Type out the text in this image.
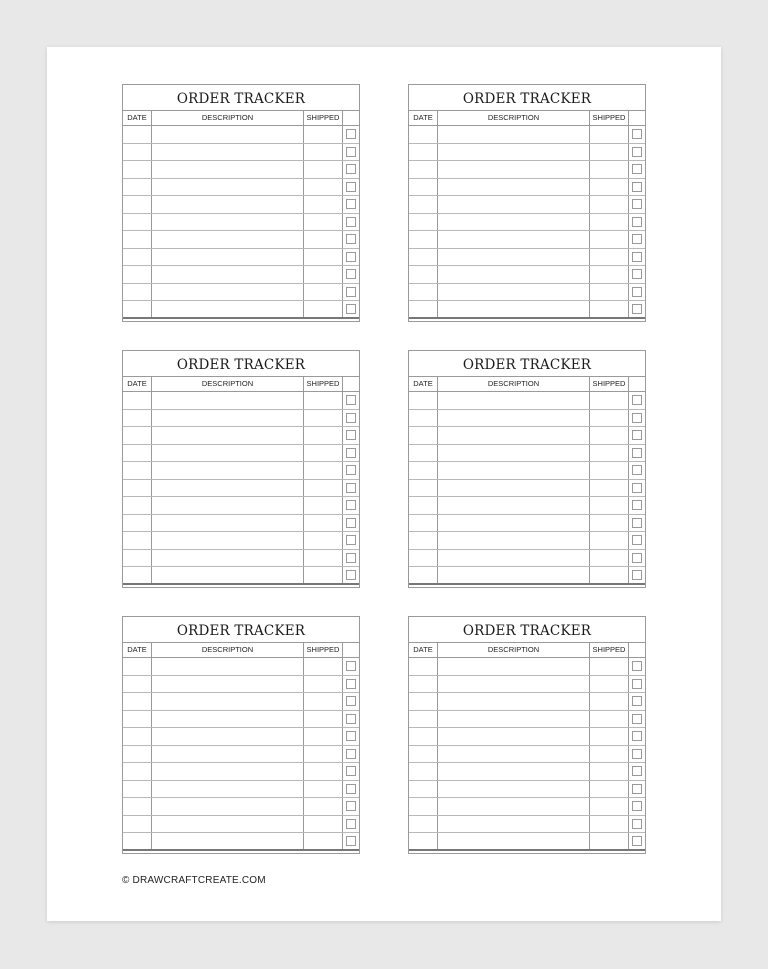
ORDER TRACKER
DATE	DESCRIPTION	SHIPPED
ORDER TRACKER
DATE	DESCRIPTION	SHIPPED
ORDER TRACKER
DATE	DESCRIPTION	SHIPPED
ORDER TRACKER
DATE	DESCRIPTION	SHIPPED
ORDER TRACKER
DATE	DESCRIPTION	SHIPPED
ORDER TRACKER
DATE	DESCRIPTION	SHIPPED
© DRAWCRAFTCREATE.COM
